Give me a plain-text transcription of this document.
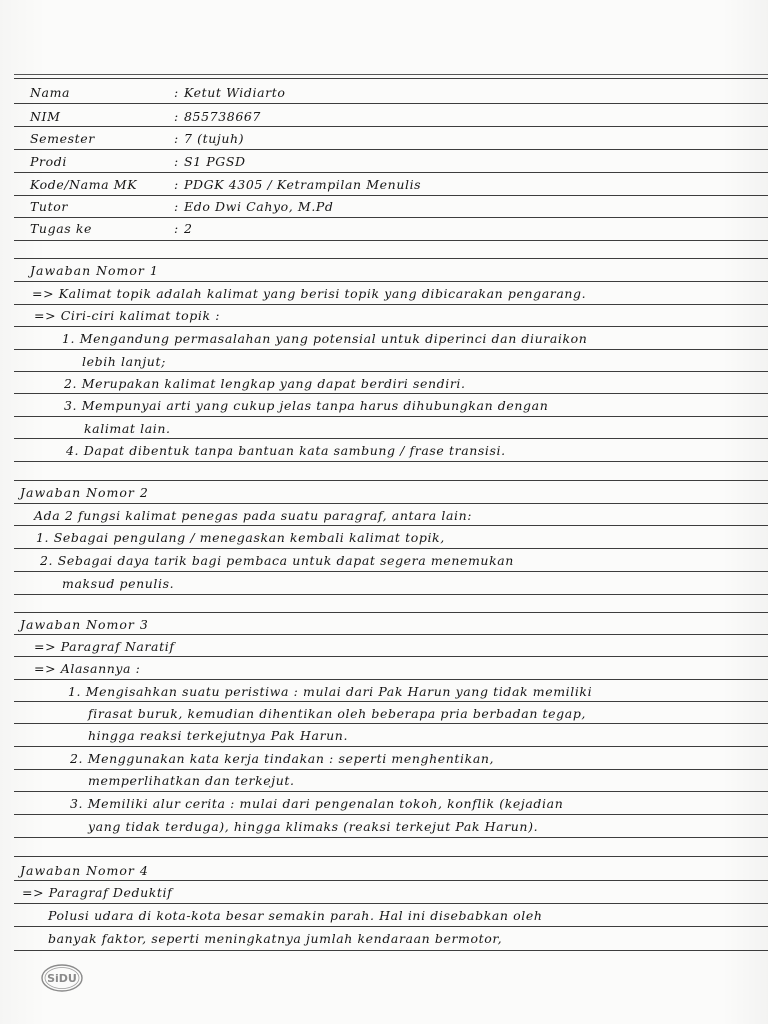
Nama	: Ketut Widiarto
NIM	: 855738667
Semester	: 7 (tujuh)
Prodi	: S1 PGSD
Kode/Nama MK	: PDGK 4305 / Ketrampilan Menulis
Tutor	: Edo Dwi Cahyo, M.Pd
Tugas ke	: 2
Jawaban Nomor 1
=> Kalimat topik adalah kalimat yang berisi topik yang dibicarakan pengarang.
=> Ciri-ciri kalimat topik :
1. Mengandung permasalahan yang potensial untuk diperinci dan diuraikon
lebih lanjut;
2. Merupakan kalimat lengkap yang dapat berdiri sendiri.
3. Mempunyai arti yang cukup jelas tanpa harus dihubungkan dengan
kalimat lain.
4. Dapat dibentuk tanpa bantuan kata sambung / frase transisi.
Jawaban Nomor 2
Ada 2 fungsi kalimat penegas pada suatu paragraf, antara lain:
1. Sebagai pengulang / menegaskan kembali kalimat topik,
2. Sebagai daya tarik bagi pembaca untuk dapat segera menemukan
maksud penulis.
Jawaban Nomor 3
=> Paragraf Naratif
=> Alasannya :
1. Mengisahkan suatu peristiwa : mulai dari Pak Harun yang tidak memiliki
firasat buruk, kemudian dihentikan oleh beberapa pria berbadan tegap,
hingga reaksi terkejutnya Pak Harun.
2. Menggunakan kata kerja tindakan : seperti menghentikan,
memperlihatkan dan terkejut.
3. Memiliki alur cerita : mulai dari pengenalan tokoh, konflik (kejadian
yang tidak terduga), hingga klimaks (reaksi terkejut Pak Harun).
Jawaban Nomor 4
=> Paragraf Deduktif
Polusi udara di kota-kota besar semakin parah. Hal ini disebabkan oleh
banyak faktor, seperti meningkatnya jumlah kendaraan bermotor,
SiDU
